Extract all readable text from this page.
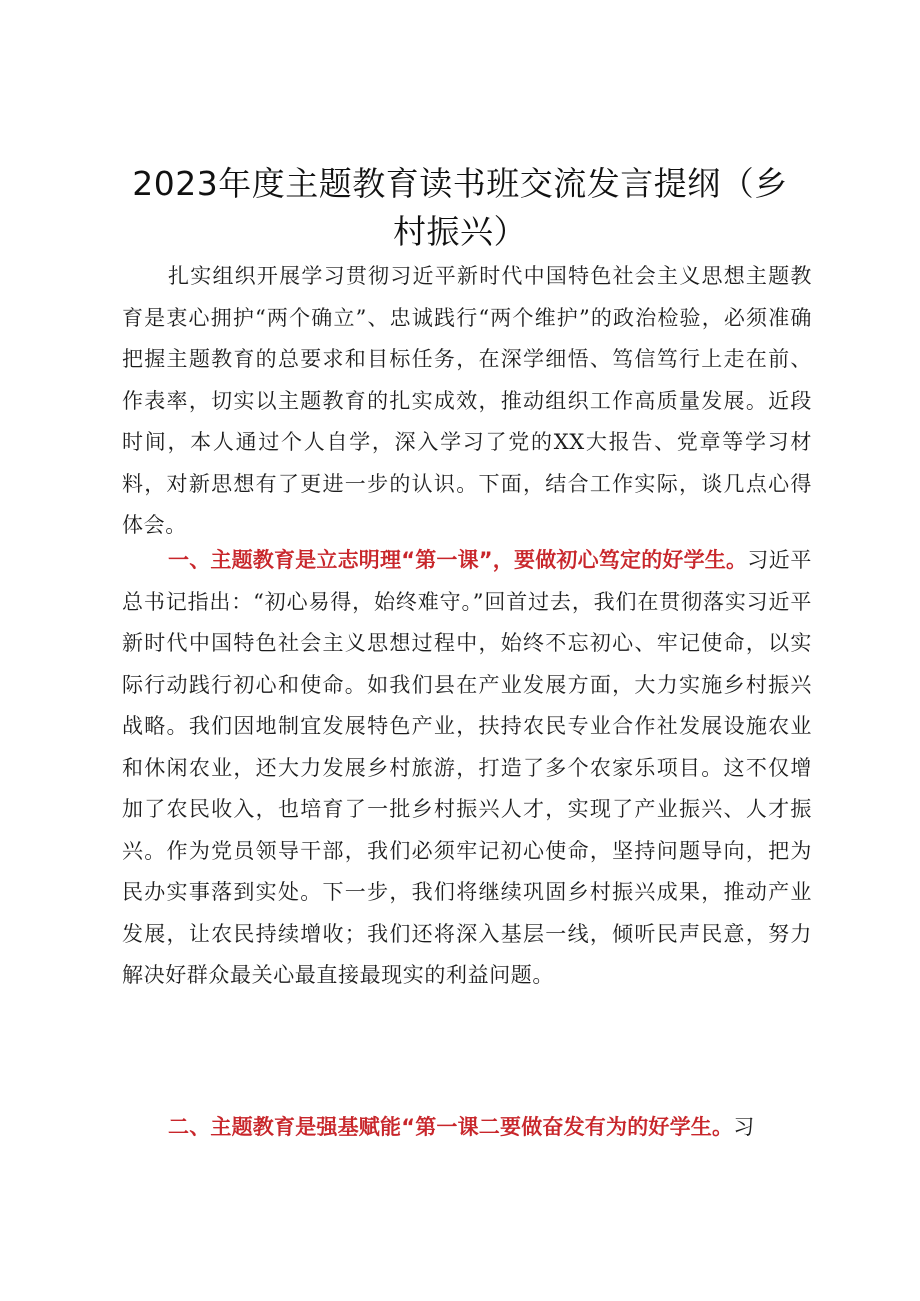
2023年度主题教育读书班交流发言提纲（乡村振兴）

扎实组织开展学习贯彻习近平新时代中国特色社会主义思想主题教育是衷心拥护“两个确立”、忠诚践行“两个维护”的政治检验，必须准确把握主题教育的总要求和目标任务，在深学细悟、笃信笃行上走在前、作表率，切实以主题教育的扎实成效，推动组织工作高质量发展。近段时间，本人通过个人自学，深入学习了党的XX大报告、党章等学习材料，对新思想有了更进一步的认识。下面，结合工作实际，谈几点心得体会。

一、主题教育是立志明理“第一课”，要做初心笃定的好学生。习近平总书记指出：“初心易得，始终难守。”回首过去，我们在贯彻落实习近平新时代中国特色社会主义思想过程中，始终不忘初心、牢记使命，以实际行动践行初心和使命。如我们县在产业发展方面，大力实施乡村振兴战略。我们因地制宜发展特色产业，扶持农民专业合作社发展设施农业和休闲农业，还大力发展乡村旅游，打造了多个农家乐项目。这不仅增加了农民收入，也培育了一批乡村振兴人才，实现了产业振兴、人才振兴。作为党员领导干部，我们必须牢记初心使命，坚持问题导向，把为民办实事落到实处。下一步，我们将继续巩固乡村振兴成果，推动产业发展，让农民持续增收；我们还将深入基层一线，倾听民声民意，努力解决好群众最关心最直接最现实的利益问题。

二、主题教育是强基赋能“第一课二要做奋发有为的好学生。习
